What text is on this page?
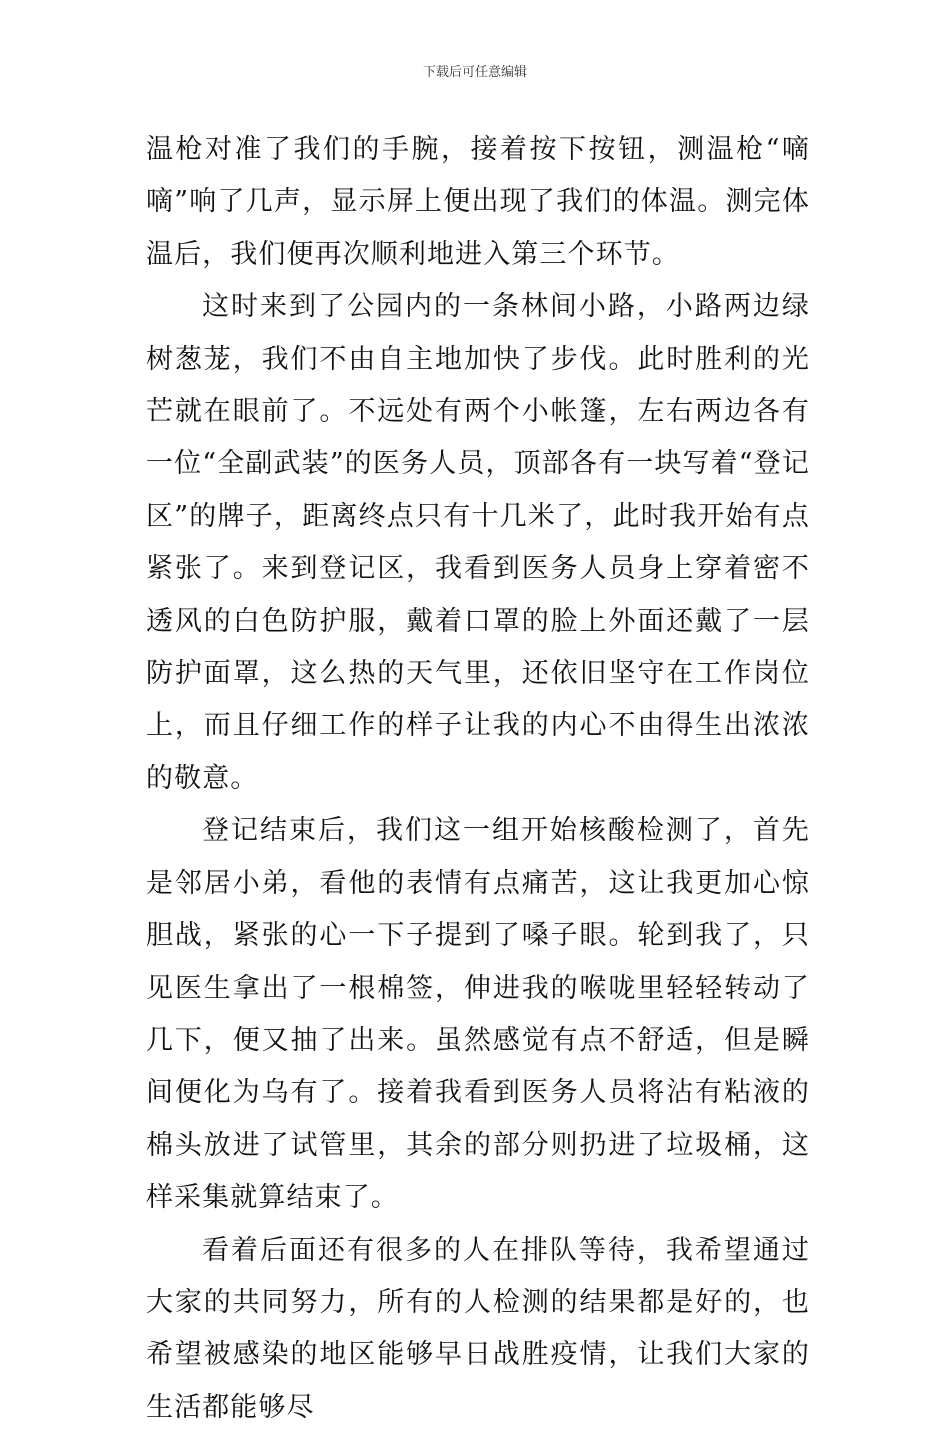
下载后可任意编辑

温枪对准了我们的手腕，接着按下按钮，测温枪“嘀嘀”响了几声，显示屏上便出现了我们的体温。测完体温后，我们便再次顺利地进入第三个环节。

这时来到了公园内的一条林间小路，小路两边绿树葱茏，我们不由自主地加快了步伐。此时胜利的光芒就在眼前了。不远处有两个小帐篷，左右两边各有一位“全副武装”的医务人员，顶部各有一块写着“登记区”的牌子，距离终点只有十几米了，此时我开始有点紧张了。来到登记区，我看到医务人员身上穿着密不透风的白色防护服，戴着口罩的脸上外面还戴了一层防护面罩，这么热的天气里，还依旧坚守在工作岗位上，而且仔细工作的样子让我的内心不由得生出浓浓的敬意。

登记结束后，我们这一组开始核酸检测了，首先是邻居小弟，看他的表情有点痛苦，这让我更加心惊胆战，紧张的心一下子提到了嗓子眼。轮到我了，只见医生拿出了一根棉签，伸进我的喉咙里轻轻转动了几下，便又抽了出来。虽然感觉有点不舒适，但是瞬间便化为乌有了。接着我看到医务人员将沾有粘液的棉头放进了试管里，其余的部分则扔进了垃圾桶，这样采集就算结束了。

看着后面还有很多的人在排队等待，我希望通过大家的共同努力，所有的人检测的结果都是好的，也希望被感染的地区能够早日战胜疫情，让我们大家的生活都能够尽
